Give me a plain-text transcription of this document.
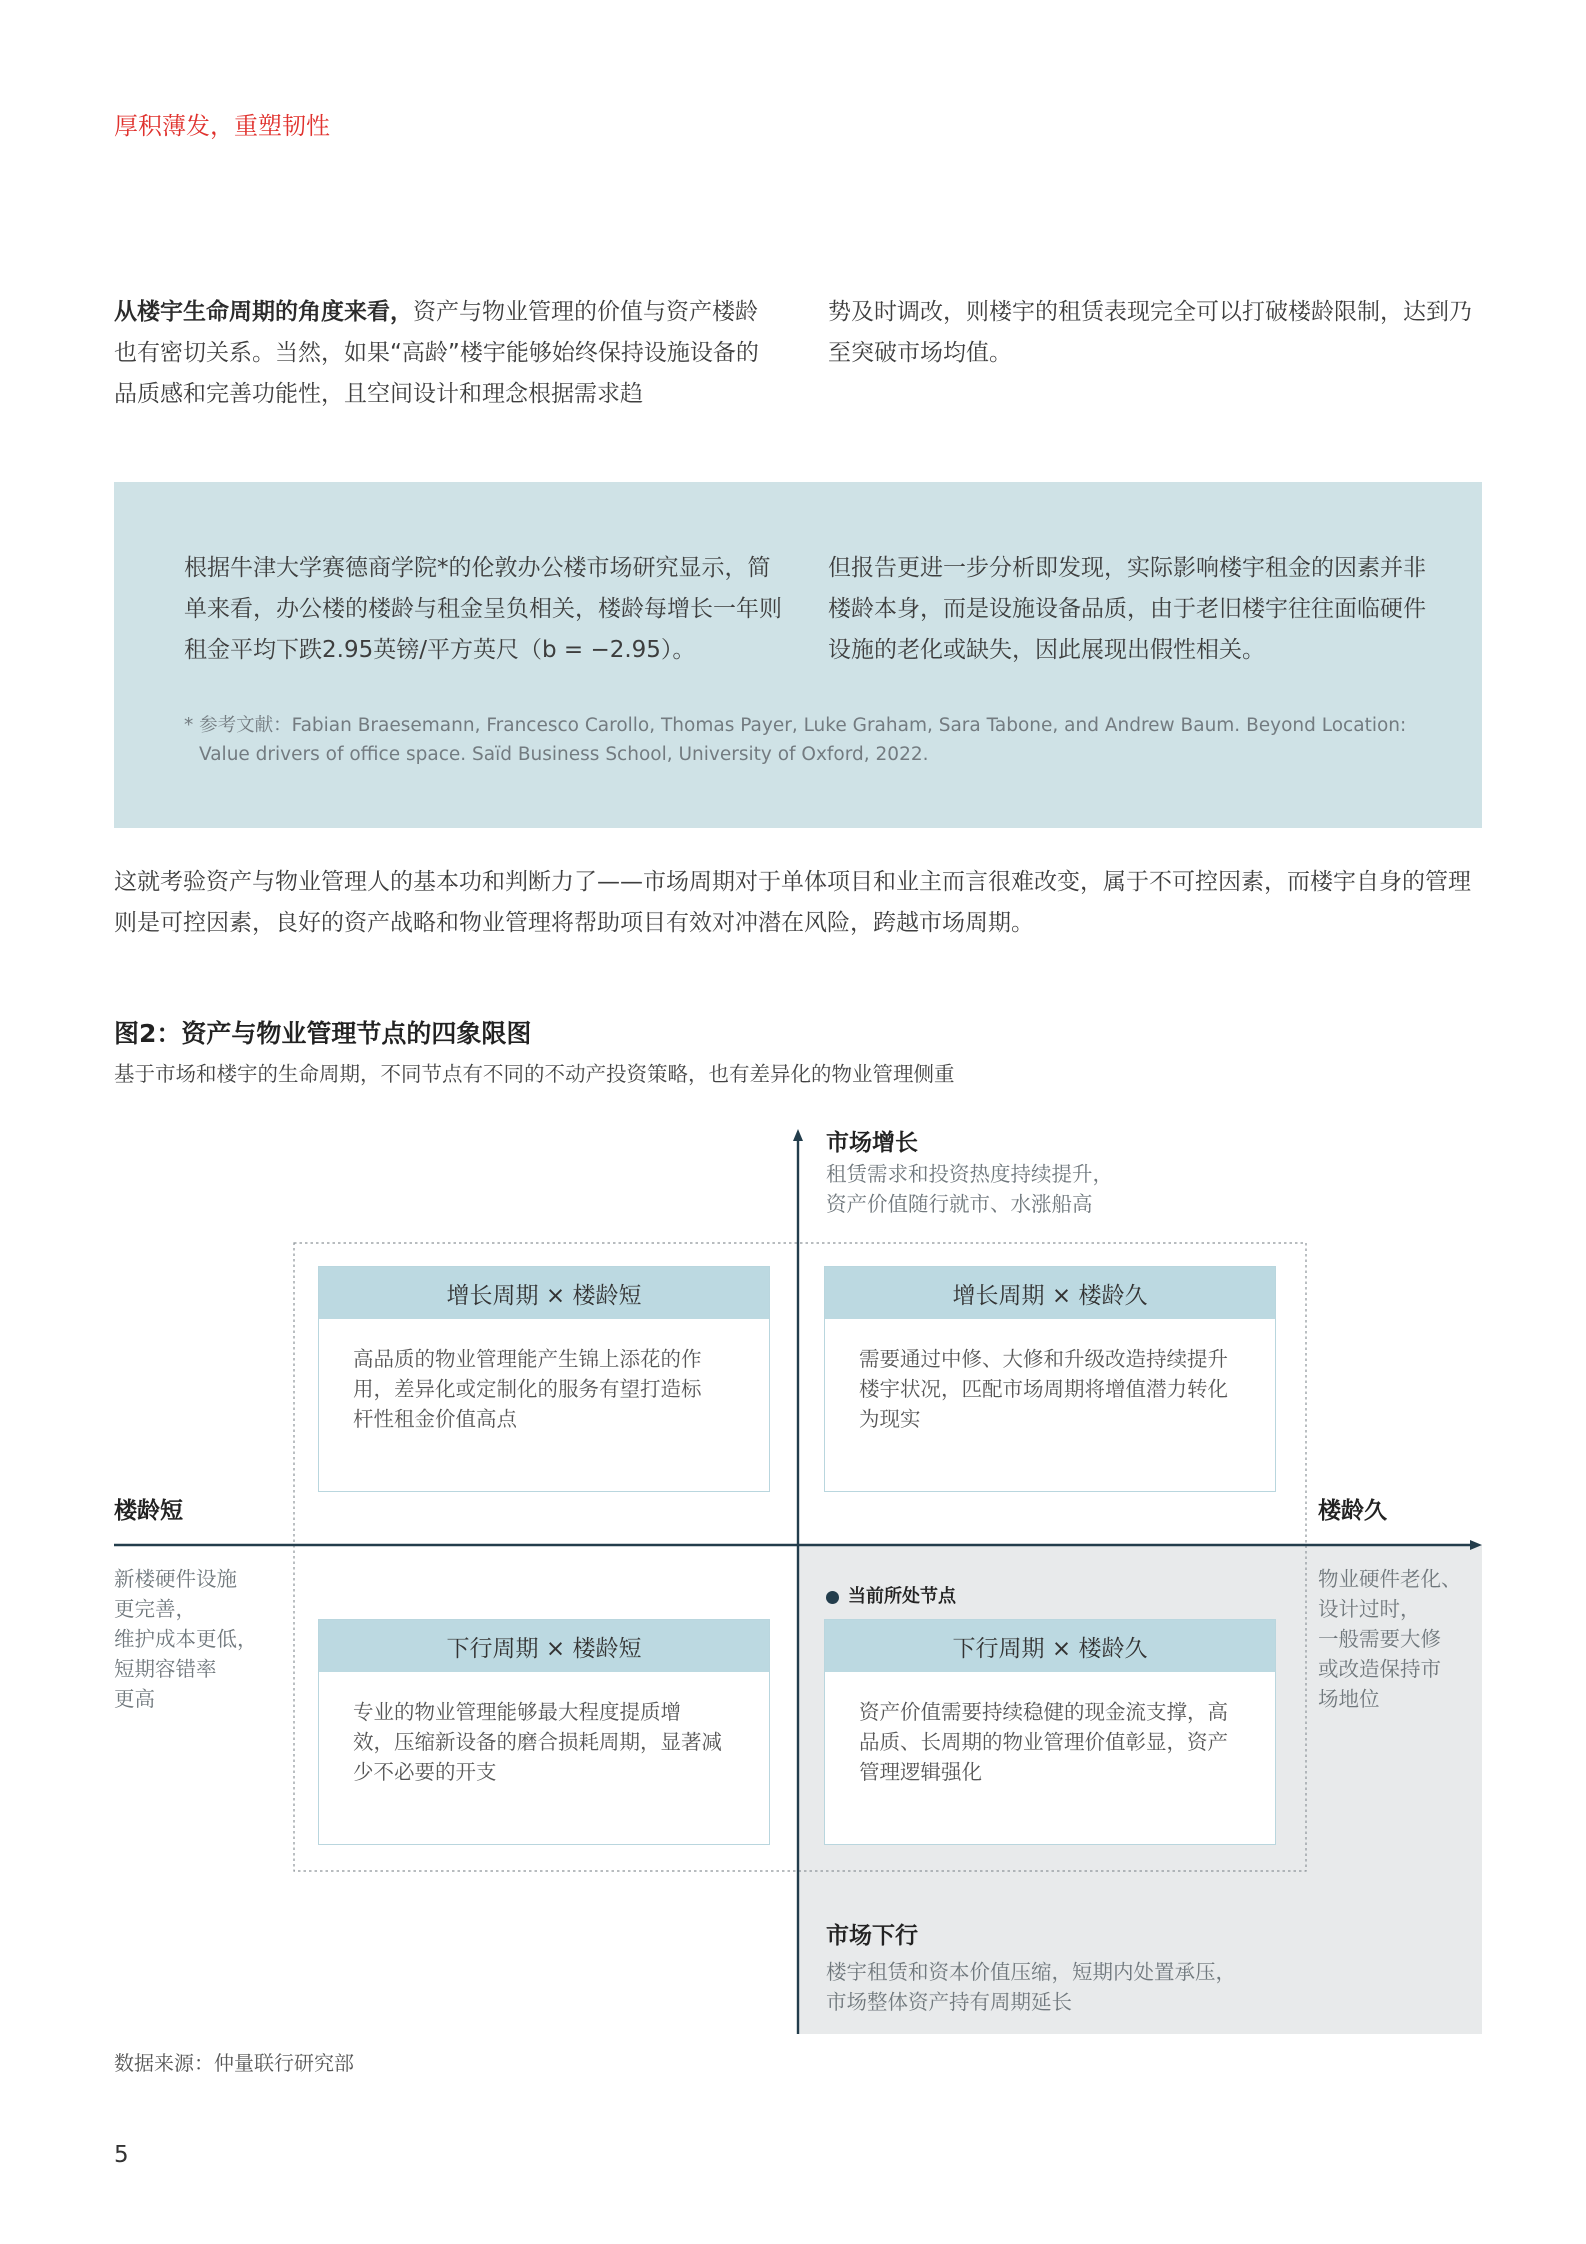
厚积薄发，重塑韧性
从楼宇生命周期的角度来看，资产与物业管理的价值与资产楼龄也有密切关系。当然，如果“高龄”楼宇能够始终保持设施设备的品质感和完善功能性，且空间设计和理念根据需求趋
势及时调改，则楼宇的租赁表现完全可以打破楼龄限制，达到乃至突破市场均值。
根据牛津大学赛德商学院*的伦敦办公楼市场研究显示，简单来看，办公楼的楼龄与租金呈负相关，楼龄每增长一年则租金平均下跌2.95英镑/平方英尺（b = −2.95）。
但报告更进一步分析即发现，实际影响楼宇租金的因素并非楼龄本身，而是设施设备品质，由于老旧楼宇往往面临硬件设施的老化或缺失，因此展现出假性相关。
* 参考文献：Fabian Braesemann, Francesco Carollo, Thomas Payer, Luke Graham, Sara Tabone, and Andrew Baum. Beyond Location:
Value drivers of office space. Saïd Business School, University of Oxford, 2022.
这就考验资产与物业管理人的基本功和判断力了——市场周期对于单体项目和业主而言很难改变，属于不可控因素，而楼宇自身的管理则是可控因素，良好的资产战略和物业管理将帮助项目有效对冲潜在风险，跨越市场周期。
图2：资产与物业管理节点的四象限图
基于市场和楼宇的生命周期，不同节点有不同的不动产投资策略，也有差异化的物业管理侧重
市场增长
租赁需求和投资热度持续提升，
资产价值随行就市、水涨船高
市场下行
楼宇租赁和资本价值压缩，短期内处置承压，
市场整体资产持有周期延长
楼龄短
新楼硬件设施
更完善，
维护成本更低，
短期容错率
更高
楼龄久
物业硬件老化、
设计过时，
一般需要大修
或改造保持市
场地位
当前所处节点
增长周期 × 楼龄短
高品质的物业管理能产生锦上添花的作
用，差异化或定制化的服务有望打造标
杆性租金价值高点
增长周期 × 楼龄久
需要通过中修、大修和升级改造持续提升
楼宇状况，匹配市场周期将增值潜力转化
为现实
下行周期 × 楼龄短
专业的物业管理能够最大程度提质增
效，压缩新设备的磨合损耗周期，显著减
少不必要的开支
下行周期 × 楼龄久
资产价值需要持续稳健的现金流支撑，高
品质、长周期的物业管理价值彰显，资产
管理逻辑强化
数据来源：仲量联行研究部
5
